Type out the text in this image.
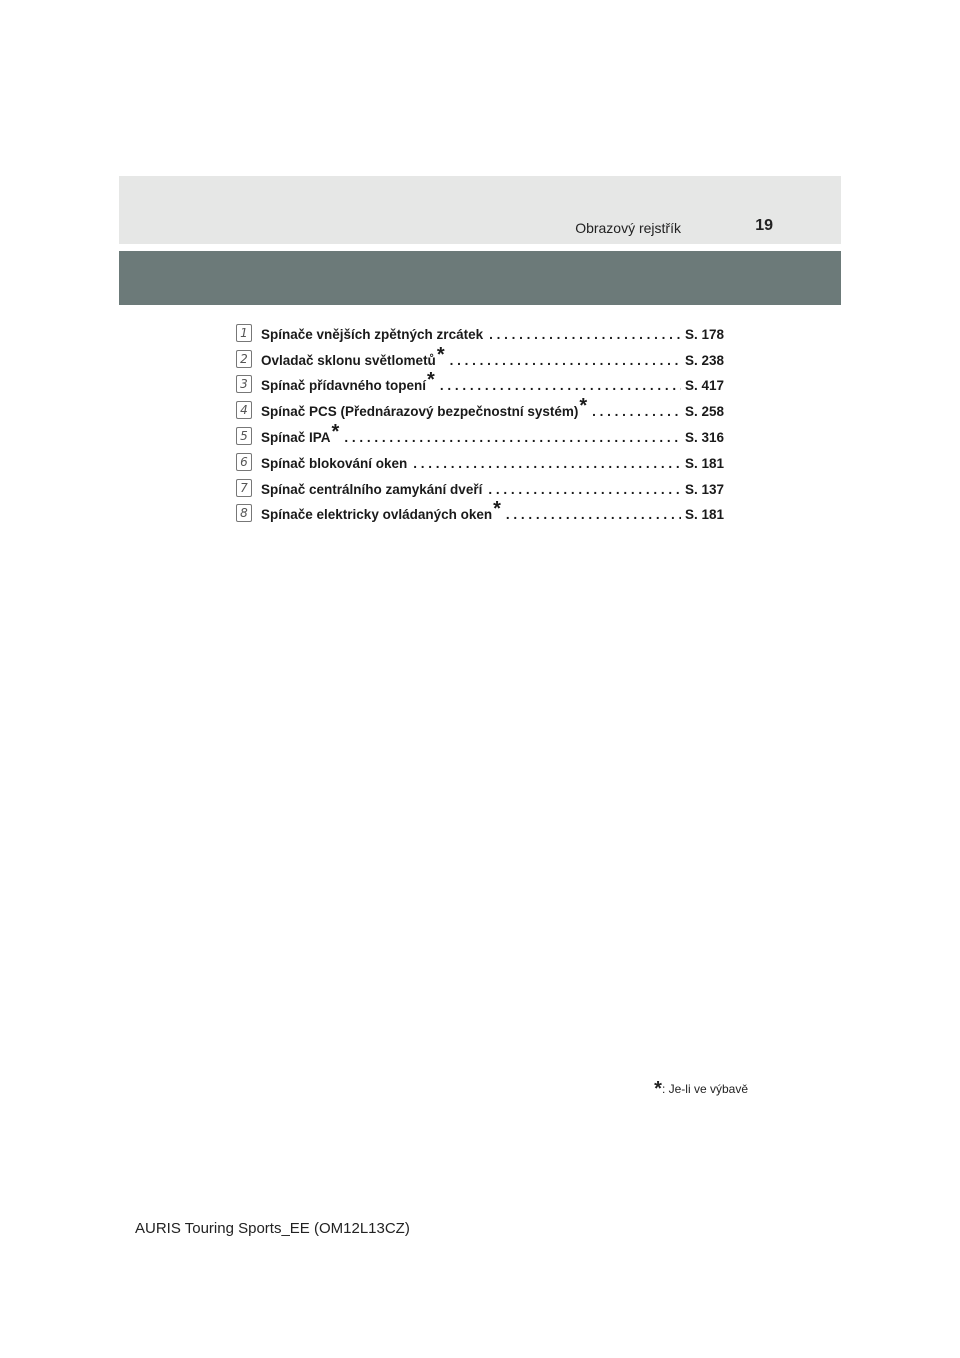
Obrazový rejstřík	19
1 Spínače vnějších zpětných zrcátek . . .	S. 178
2 Ovladač sklonu světlometů* . . .	S. 238
3 Spínač přídavného topení* . . .	S. 417
4 Spínač PCS (Přednárazový bezpečnostní systém)* . . .	S. 258
5 Spínač IPA* . . .	S. 316
6 Spínač blokování oken . . .	S. 181
7 Spínač centrálního zamykání dveří . . .	S. 137
8 Spínače elektricky ovládaných oken* . . .	S. 181
*: Je-li ve výbavě
AURIS Touring Sports_EE (OM12L13CZ)
